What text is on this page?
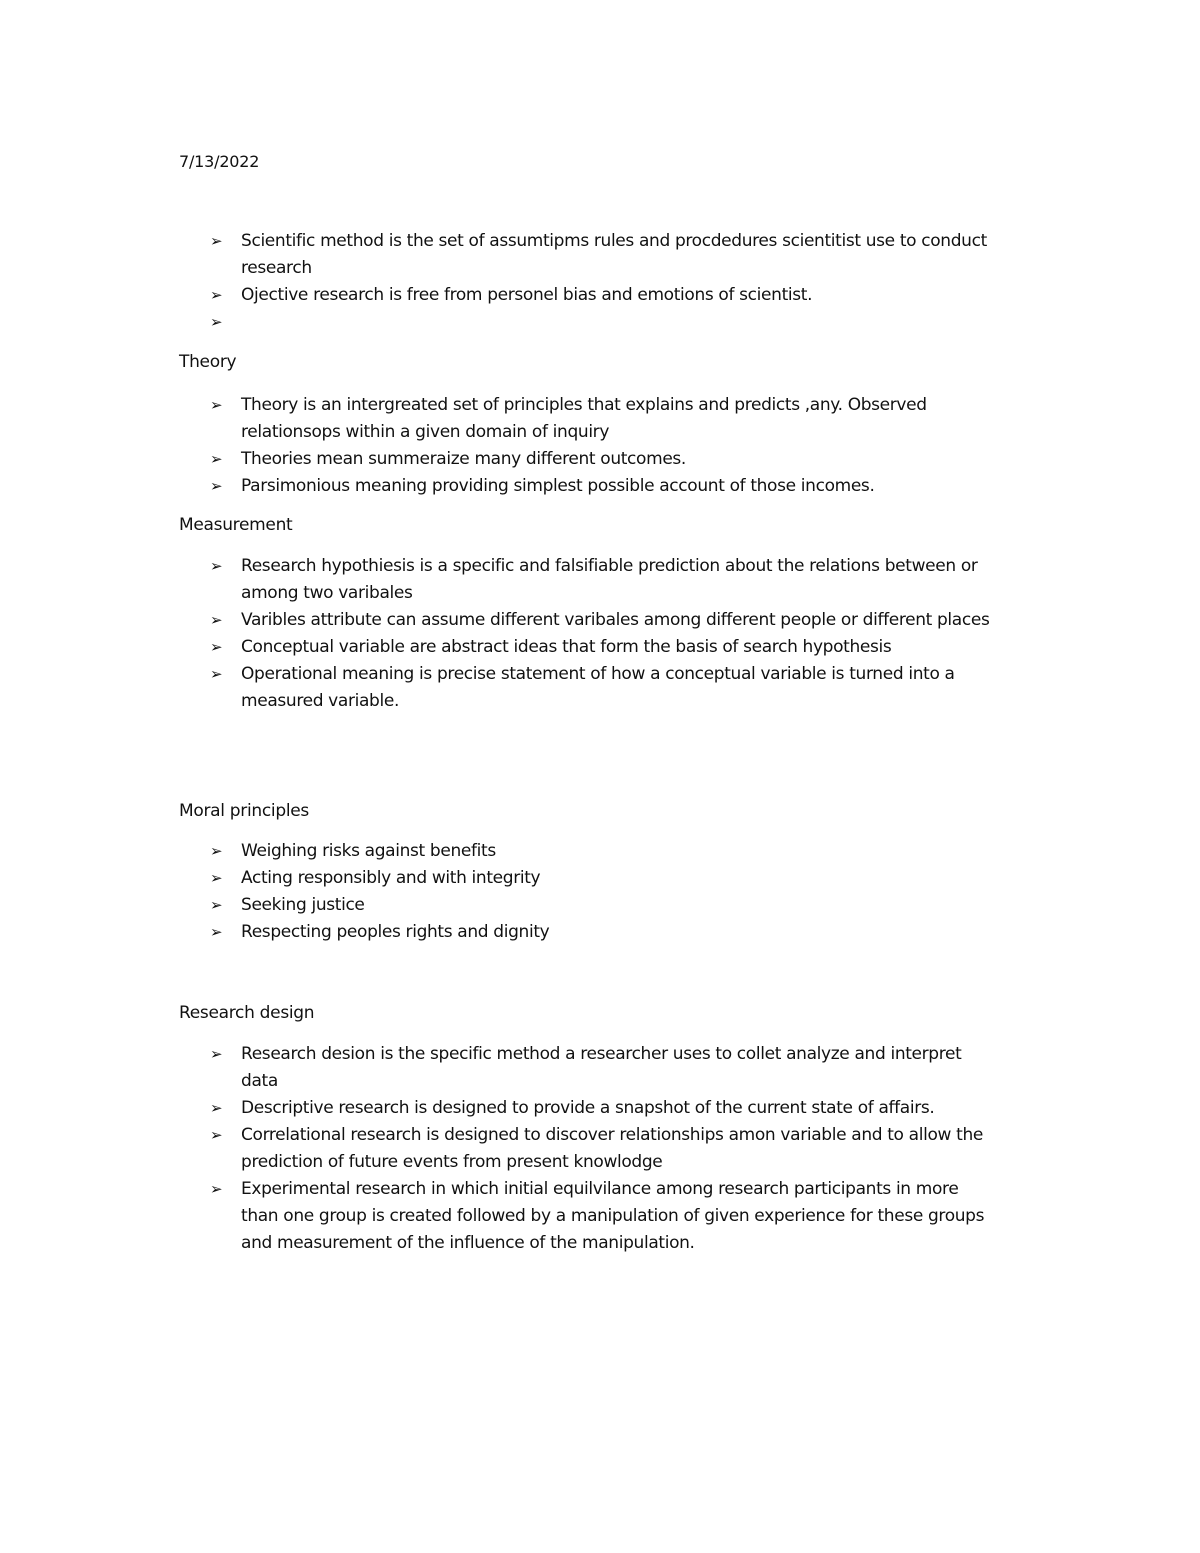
7/13/2022
➢ Scientific method is the set of assumtipms rules and procdedures scientitist use to conduct research
➢ Ojective research is free from personel bias and emotions of scientist.
➢
Theory
➢ Theory is an intergreated set of principles that explains and predicts ,any. Observed relationsops within a given domain of inquiry
➢ Theories mean summeraize many different outcomes.
➢ Parsimonious meaning providing simplest possible account of those incomes.
Measurement
➢ Research hypothiesis is a specific and falsifiable prediction about the relations between or among two varibales
➢ Varibles attribute can assume different varibales among different people or different places
➢ Conceptual variable are abstract ideas that form the basis of search hypothesis
➢ Operational meaning is precise statement of how a conceptual variable is turned into a measured variable.
Moral principles
➢ Weighing risks against benefits
➢ Acting responsibly and with integrity
➢ Seeking justice
➢ Respecting peoples rights and dignity
Research design
➢ Research desion is the specific method a researcher uses to collet analyze and interpret data
➢ Descriptive research is designed to provide a snapshot of the current state of affairs.
➢ Correlational research is designed to discover relationships amon variable and to allow the prediction of future events from present knowlodge
➢ Experimental research in which initial equilvilance among research participants in more than one group is created followed by a manipulation of given experience for these groups and measurement of the influence of the manipulation.
